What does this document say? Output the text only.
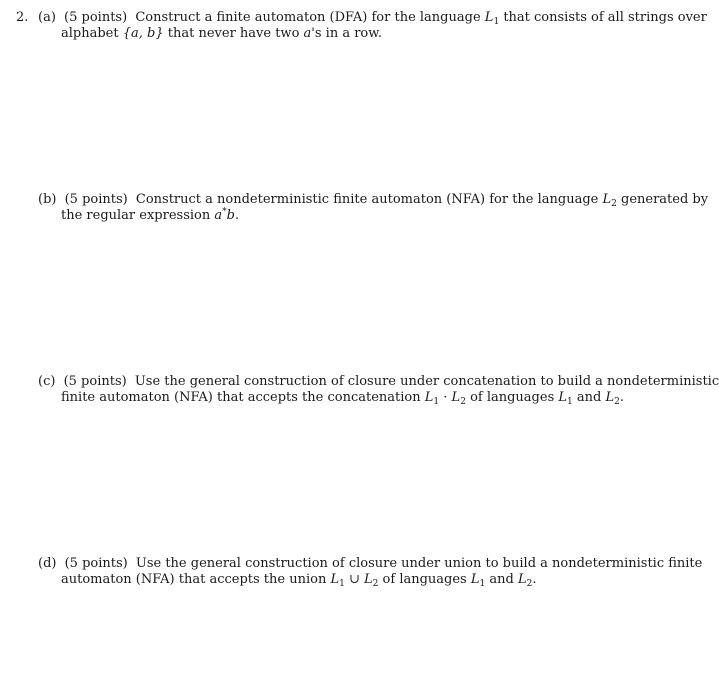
2. (a) (5 points) Construct a finite automaton (DFA) for the language $L_1$ that consists of all strings over
alphabet {a, b} that never have two a's in a row.
(b) (5 points) Construct a nondeterministic finite automaton (NFA) for the language $L_2$ generated by
the regular expression a*b.
(c) (5 points) Use the general construction of closure under concatenation to build a nondeterministic
finite automaton (NFA) that accepts the concatenation $L_1 \cdot L_2$ of languages $L_1$ and $L_2$.
(d) (5 points) Use the general construction of closure under union to build a nondeterministic finite
automaton (NFA) that accepts the union $L_1$ ∪ $L_2$ of languages $L_1$ and $L_2$.
